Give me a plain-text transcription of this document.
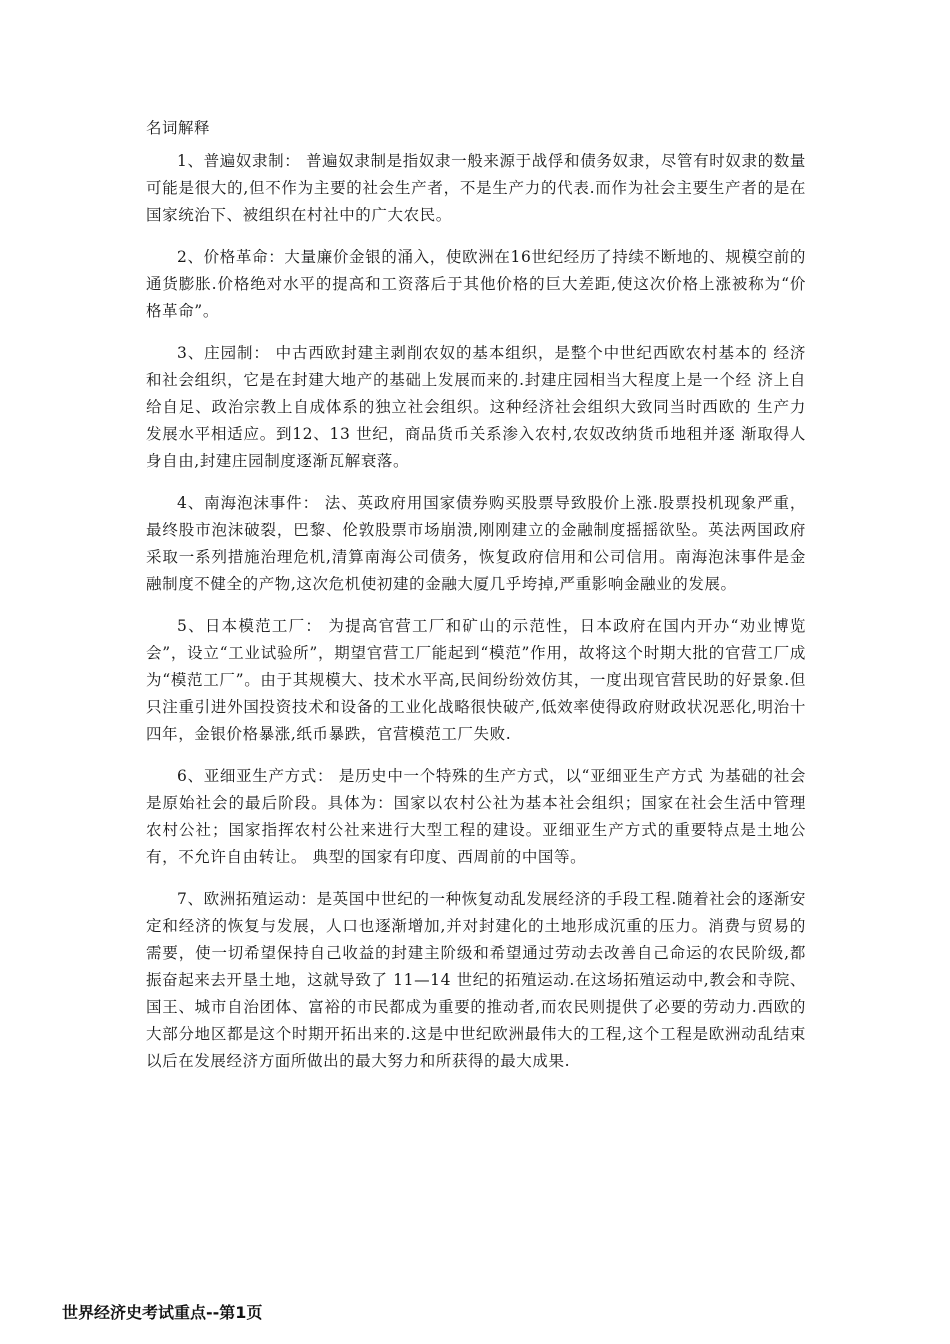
名词解释

1、普遍奴隶制： 普遍奴隶制是指奴隶一般来源于战俘和债务奴隶，尽管有时奴隶的数量可能是很大的,但不作为主要的社会生产者，不是生产力的代表.而作为社会主要生产者的是在国家统治下、被组织在村社中的广大农民。

2、价格革命：大量廉价金银的涌入，使欧洲在16世纪经历了持续不断地的、规模空前的通货膨胀.价格绝对水平的提高和工资落后于其他价格的巨大差距,使这次价格上涨被称为“价格革命”。

3、庄园制： 中古西欧封建主剥削农奴的基本组织，是整个中世纪西欧农村基本的 经济和社会组织，它是在封建大地产的基础上发展而来的.封建庄园相当大程度上是一个经 济上自给自足、政治宗教上自成体系的独立社会组织。这种经济社会组织大致同当时西欧的 生产力发展水平相适应。到12、13 世纪，商品货币关系渗入农村,农奴改纳货币地租并逐 渐取得人身自由,封建庄园制度逐渐瓦解衰落。

4、南海泡沫事件： 法、英政府用国家债券购买股票导致股价上涨.股票投机现象严重，最终股市泡沫破裂，巴黎、伦敦股票市场崩溃,刚刚建立的金融制度摇摇欲坠。英法两国政府采取一系列措施治理危机,清算南海公司债务，恢复政府信用和公司信用。南海泡沫事件是金融制度不健全的产物,这次危机使初建的金融大厦几乎垮掉,严重影响金融业的发展。

5、日本模范工厂： 为提高官营工厂和矿山的示范性，日本政府在国内开办“劝业博览会”，设立“工业试验所”，期望官营工厂能起到“模范”作用，故将这个时期大批的官营工厂成为“模范工厂”。由于其规模大、技术水平高,民间纷纷效仿其，一度出现官营民助的好景象.但只注重引进外国投资技术和设备的工业化战略很快破产,低效率使得政府财政状况恶化,明治十四年，金银价格暴涨,纸币暴跌，官营模范工厂失败.

6、亚细亚生产方式： 是历史中一个特殊的生产方式，以“亚细亚生产方式 为基础的社会是原始社会的最后阶段。具体为：国家以农村公社为基本社会组织；国家在社会生活中管理农村公社；国家指挥农村公社来进行大型工程的建设。亚细亚生产方式的重要特点是土地公有，不允许自由转让。 典型的国家有印度、西周前的中国等。

7、欧洲拓殖运动：是英国中世纪的一种恢复动乱发展经济的手段工程.随着社会的逐渐安定和经济的恢复与发展，人口也逐渐增加,并对封建化的土地形成沉重的压力。消费与贸易的需要，使一切希望保持自己收益的封建主阶级和希望通过劳动去改善自己命运的农民阶级,都振奋起来去开垦土地，这就导致了 11—14 世纪的拓殖运动.在这场拓殖运动中,教会和寺院、国王、城市自治团体、富裕的市民都成为重要的推动者,而农民则提供了必要的劳动力.西欧的大部分地区都是这个时期开拓出来的.这是中世纪欧洲最伟大的工程,这个工程是欧洲动乱结束以后在发展经济方面所做出的最大努力和所获得的最大成果.

世界经济史考试重点--第1页
